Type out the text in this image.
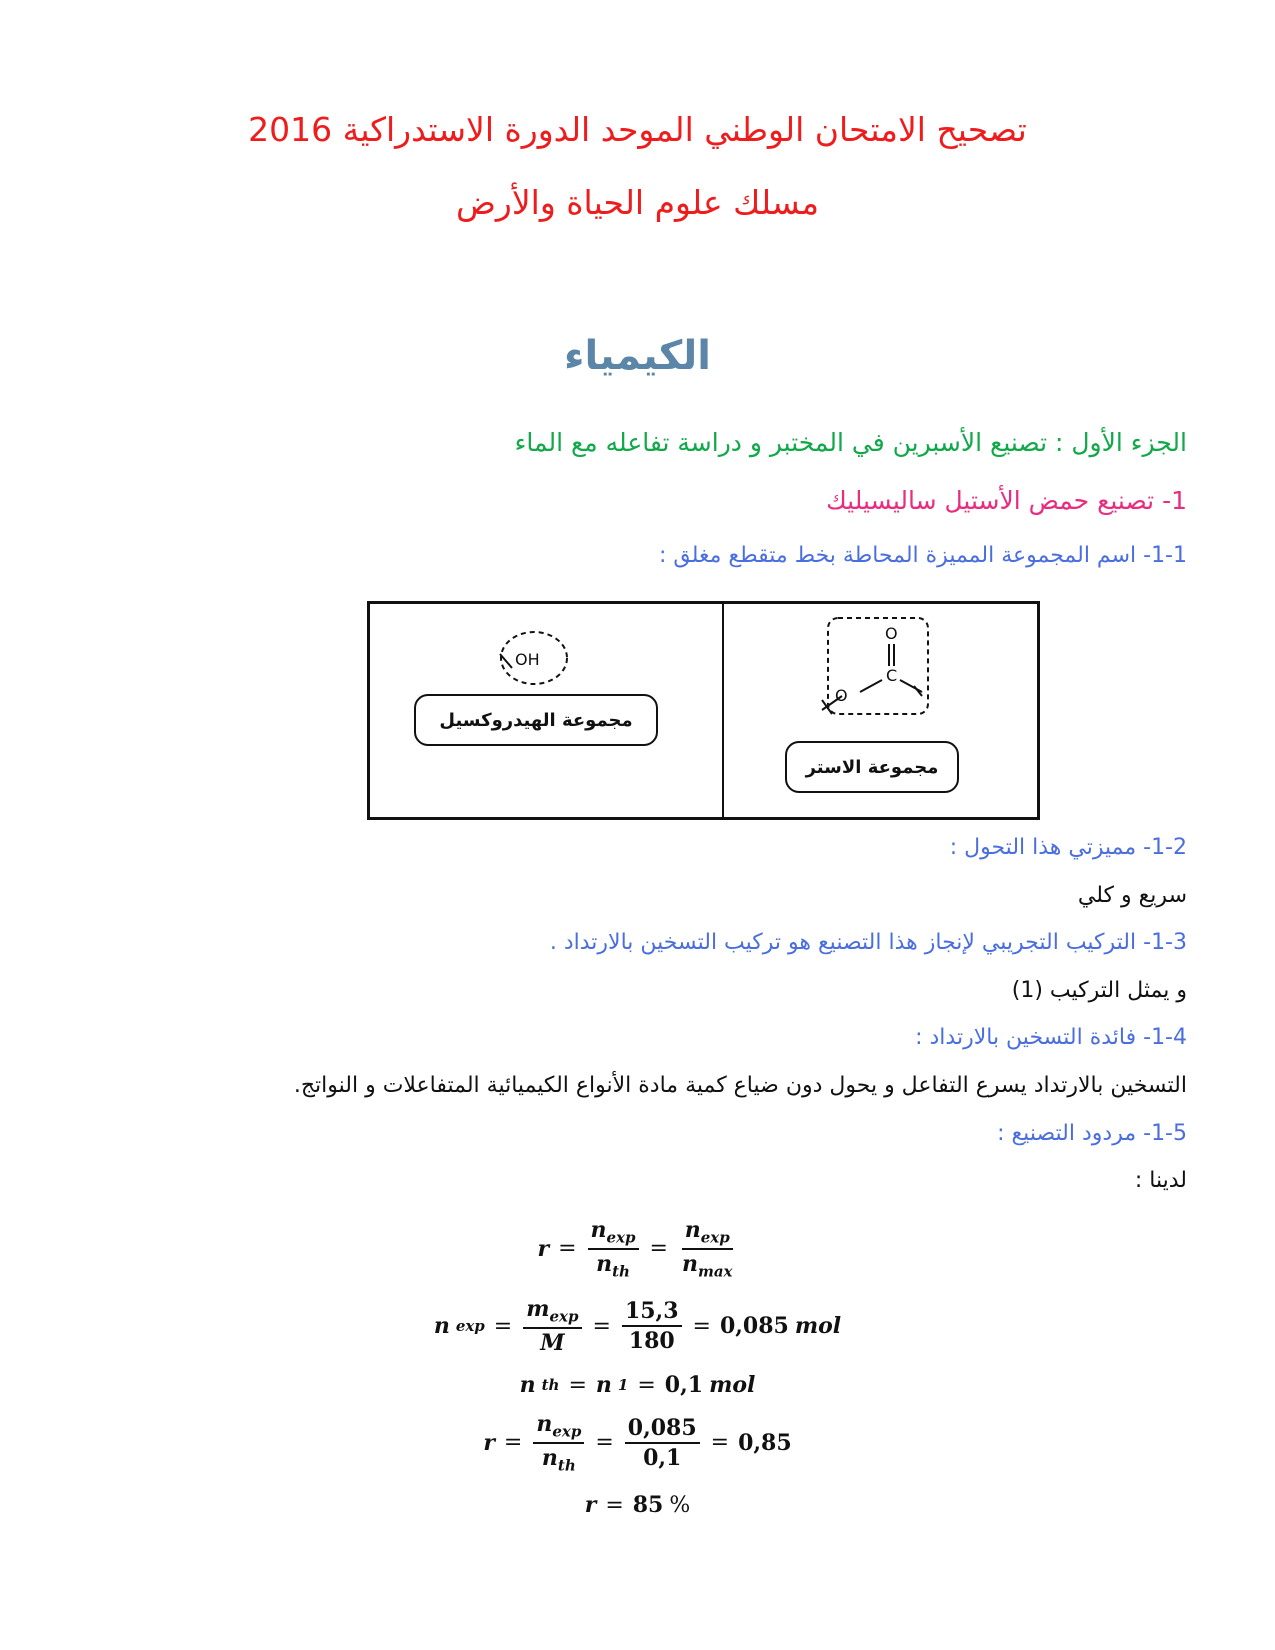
تصحيح الامتحان الوطني الموحد الدورة الاستدراكية 2016
مسلك علوم الحياة والأرض
الكيمياء
الجزء الأول : تصنيع الأسبرين في المختبر و دراسة تفاعله مع الماء
1- تصنيع حمض الأستيل ساليسيليك
1-1- اسم المجموعة المميزة المحاطة بخط متقطع مغلق :
OH
مجموعة الهيدروكسيل
O
C
O
مجموعة الاستر
1-2- مميزتي هذا التحول :
سريع و كلي
1-3- التركيب التجريبي لإنجاز هذا التصنيع هو تركيب التسخين بالارتداد .
و يمثل التركيب (1)
1-4- فائدة التسخين بالارتداد :
التسخين بالارتداد يسرع التفاعل و يحول دون ضياع كمية مادة الأنواع الكيميائية المتفاعلات و النواتج.
1-5- مردود التصنيع :
لدينا :
$r = \frac{n_{exp}}{n_{th}} = \frac{n_{exp}}{n_{max}}$
n $\exp = \frac{m_{exp}}{M} = \frac{15,3}{180} = 0,085$ mol
n th = n 1 = 0,1 mol
$r = \frac{n_{exp}}{n_{th}} = \frac{0,085}{0,1} = 0,85$
r = 85 %
